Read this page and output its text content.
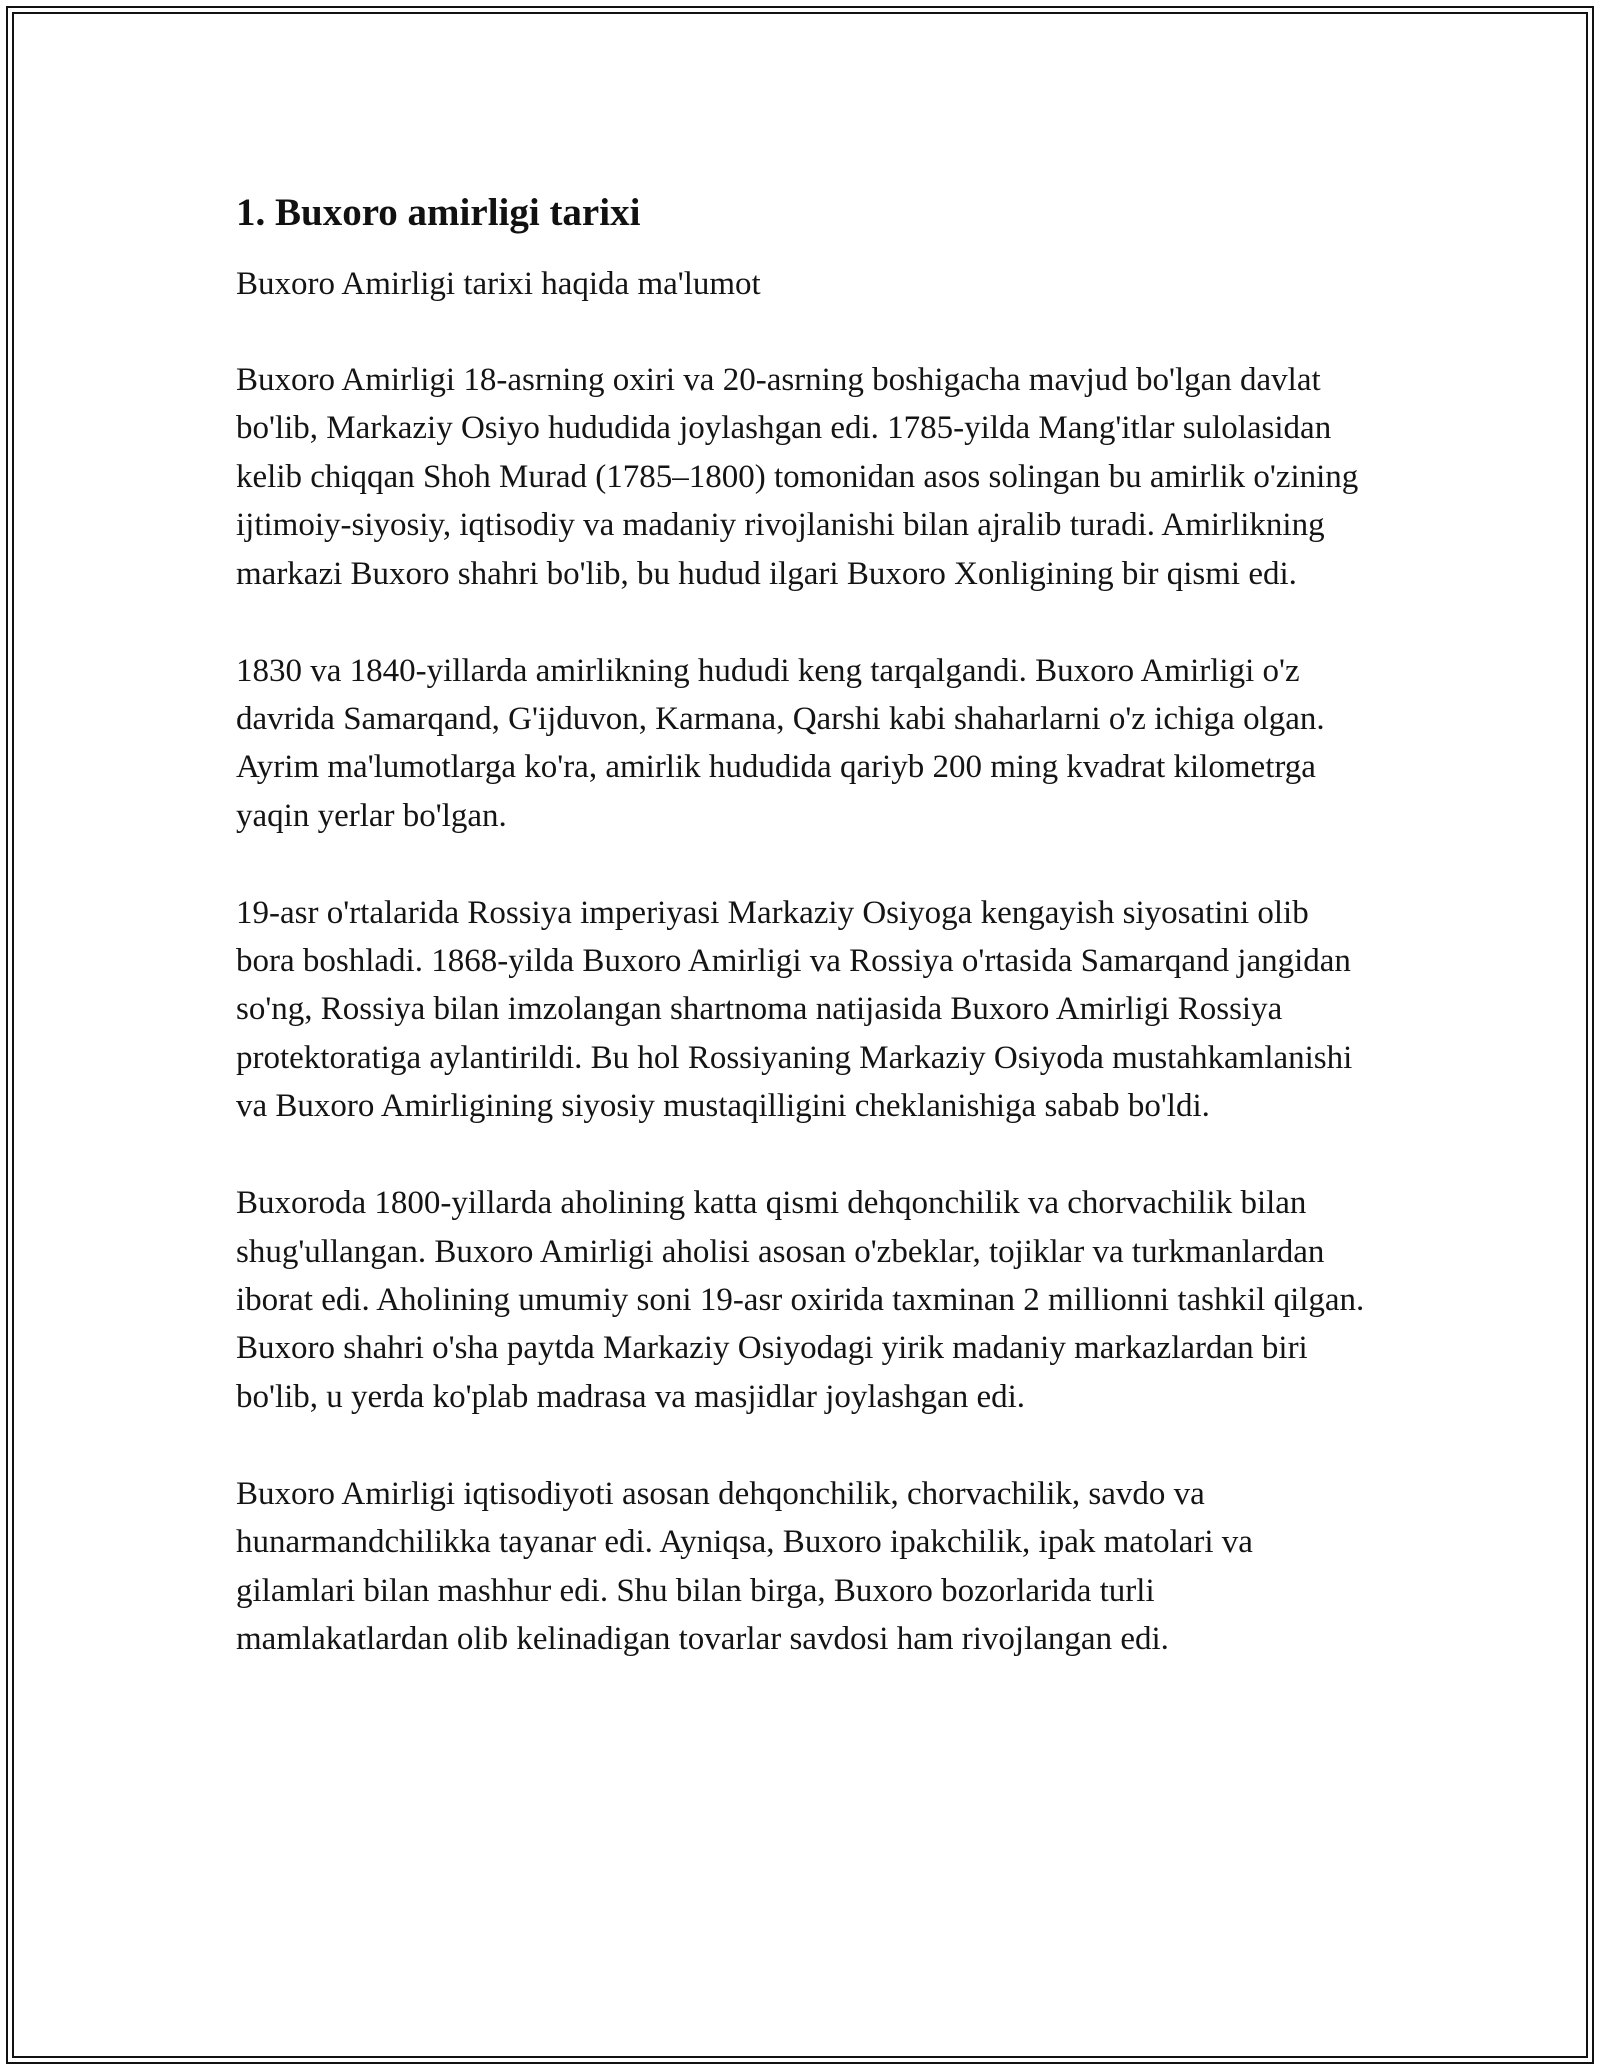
1. Buxoro amirligi tarixi

Buxoro Amirligi tarixi haqida ma'lumot

Buxoro Amirligi 18-asrning oxiri va 20-asrning boshigacha mavjud bo'lgan davlat bo'lib, Markaziy Osiyo hududida joylashgan edi. 1785-yilda Mang'itlar sulolasidan kelib chiqqan Shoh Murad (1785–1800) tomonidan asos solingan bu amirlik o'zining ijtimoiy-siyosiy, iqtisodiy va madaniy rivojlanishi bilan ajralib turadi. Amirlikning markazi Buxoro shahri bo'lib, bu hudud ilgari Buxoro Xonligining bir qismi edi.

1830 va 1840-yillarda amirlikning hududi keng tarqalgandi. Buxoro Amirligi o'z davrida Samarqand, G'ijduvon, Karmana, Qarshi kabi shaharlarni o'z ichiga olgan. Ayrim ma'lumotlarga ko'ra, amirlik hududida qariyb 200 ming kvadrat kilometrga yaqin yerlar bo'lgan.

19-asr o'rtalarida Rossiya imperiyasi Markaziy Osiyoga kengayish siyosatini olib bora boshladi. 1868-yilda Buxoro Amirligi va Rossiya o'rtasida Samarqand jangidan so'ng, Rossiya bilan imzolangan shartnoma natijasida Buxoro Amirligi Rossiya protektoratiga aylantirildi. Bu hol Rossiyaning Markaziy Osiyoda mustahkamlanishi va Buxoro Amirligining siyosiy mustaqilligini cheklanishiga sabab bo'ldi.

Buxoroda 1800-yillarda aholining katta qismi dehqonchilik va chorvachilik bilan shug'ullangan. Buxoro Amirligi aholisi asosan o'zbeklar, tojiklar va turkmanlardan iborat edi. Aholining umumiy soni 19-asr oxirida taxminan 2 millionni tashkil qilgan. Buxoro shahri o'sha paytda Markaziy Osiyodagi yirik madaniy markazlardan biri bo'lib, u yerda ko'plab madrasa va masjidlar joylashgan edi.

Buxoro Amirligi iqtisodiyoti asosan dehqonchilik, chorvachilik, savdo va hunarmandchilikka tayanar edi. Ayniqsa, Buxoro ipakchilik, ipak matolari va gilamlari bilan mashhur edi. Shu bilan birga, Buxoro bozorlarida turli mamlakatlardan olib kelinadigan tovarlar savdosi ham rivojlangan edi.
